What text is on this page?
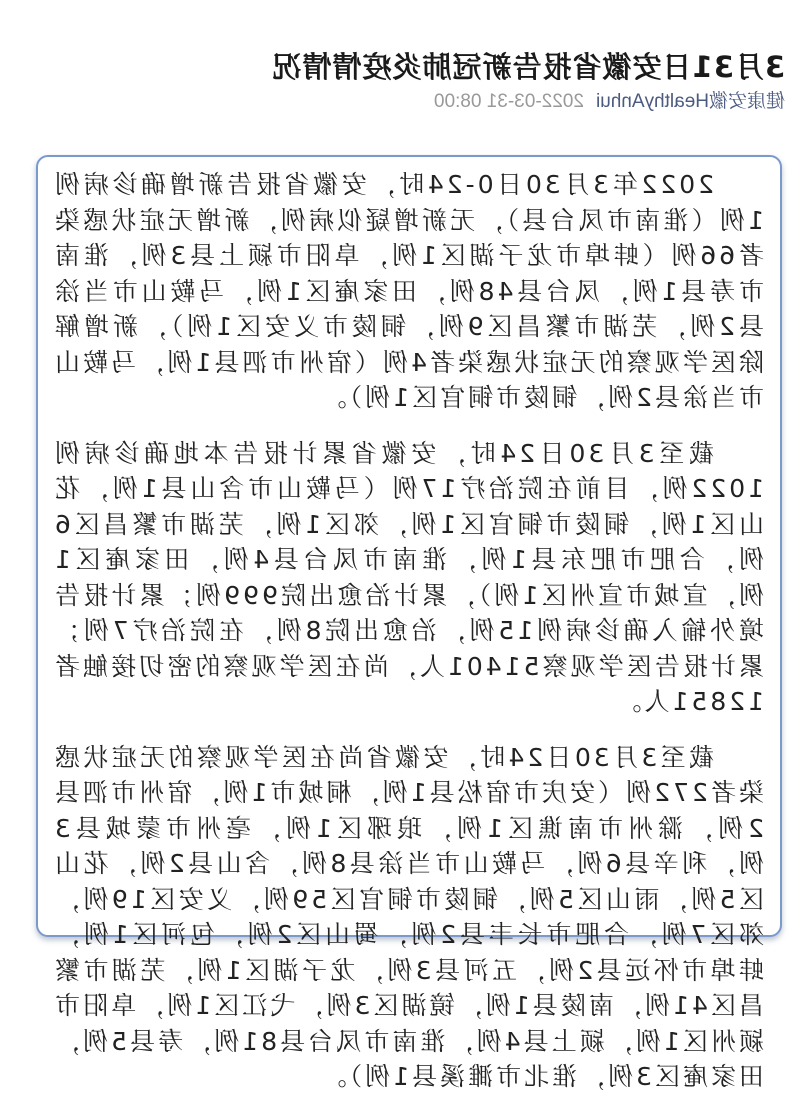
3月31日安徽省报告新冠肺炎疫情情况
健康安徽HealthyAnhui2022-03-31 08:00

2022年3月30日0-24时，安徽省报告新增确诊病例1例（淮南市凤台县），无新增疑似病例，新增无症状感染者66例（蚌埠市龙子湖区1例，阜阳市颍上县3例，淮南市寿县1例，凤台县48例，田家庵区1例，马鞍山市当涂县2例，芜湖市繁昌区9例，铜陵市义安区1例），新增解除医学观察的无症状感染者4例（宿州市泗县1例，马鞍山市当涂县2例，铜陵市铜官区1例）。

截至3月30日24时，安徽省累计报告本地确诊病例1022例，目前在院治疗17例（马鞍山市含山县1例，花山区1例，铜陵市铜官区1例，郊区1例，芜湖市繁昌区6例，合肥市肥东县1例，淮南市凤台县4例，田家庵区1例，宣城市宣州区1例），累计治愈出院999例；累计报告境外输入确诊病例15例，治愈出院8例，在院治疗7例；累计报告医学观察51401人，尚在医学观察的密切接触者12851人。

截至3月30日24时，安徽省尚在医学观察的无症状感染者272例（安庆市宿松县1例，桐城市1例，宿州市泗县2例，滁州市南谯区1例，琅琊区1例，亳州市蒙城县3例，利辛县6例，马鞍山市当涂县8例，含山县2例，花山区5例，雨山区5例，铜陵市铜官区59例，义安区19例，郊区7例，合肥市长丰县2例，蜀山区2例，包河区1例，蚌埠市怀远县2例，五河县3例，龙子湖区1例，芜湖市繁昌区41例，南陵县1例，镜湖区3例，弋江区1例，阜阳市颍州区1例，颍上县4例，淮南市凤台县81例，寿县5例，田家庵区3例，淮北市濉溪县1例）。
